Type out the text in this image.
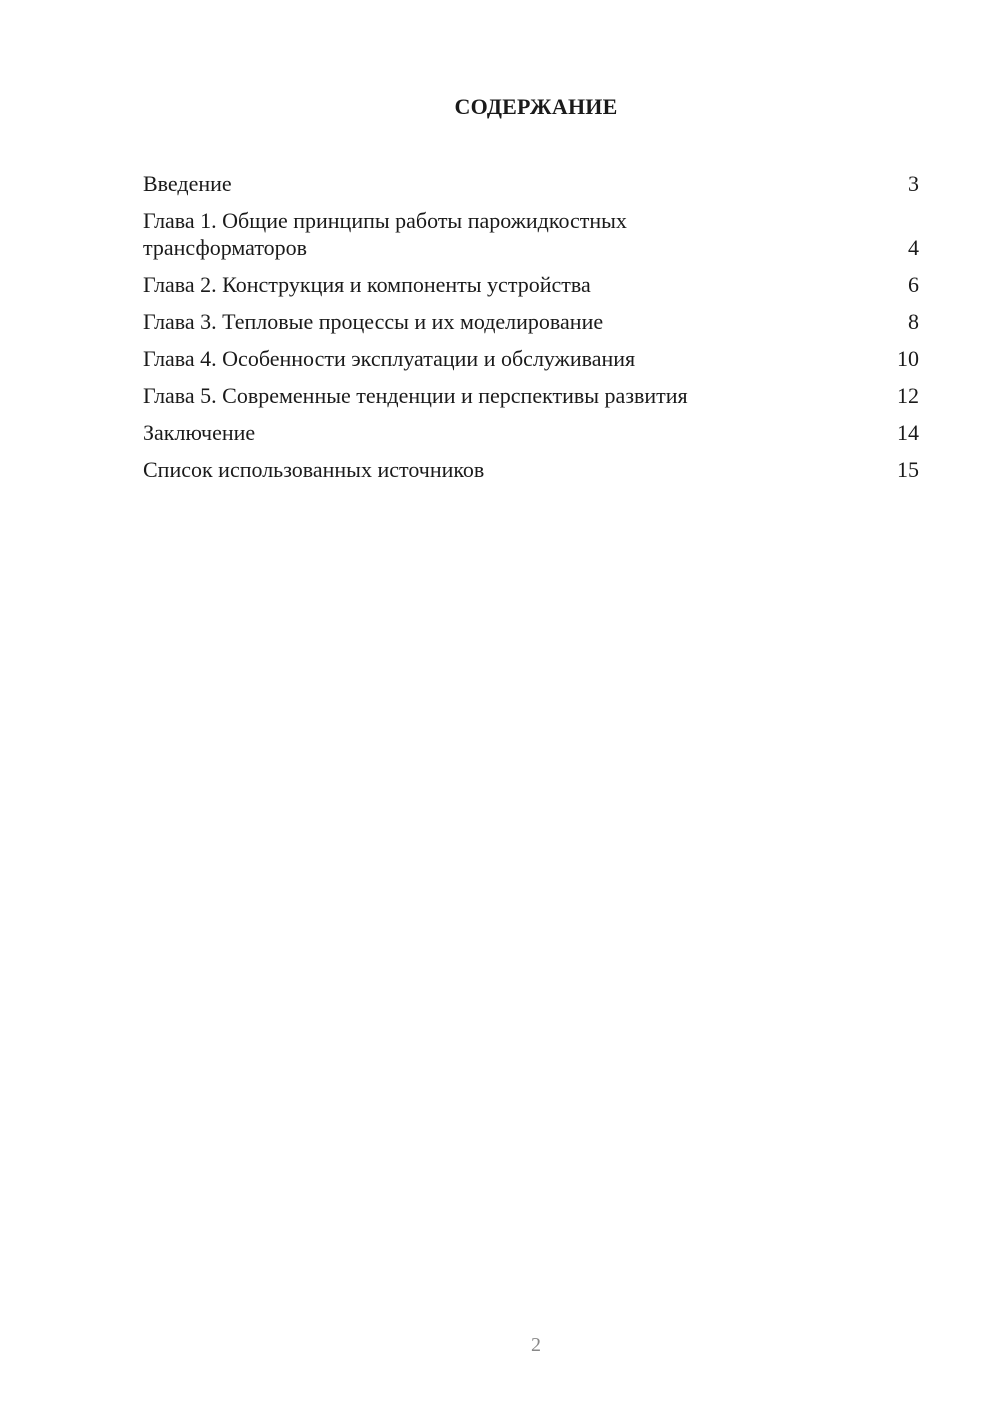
СОДЕРЖАНИЕ
Введение	3
Глава 1. Общие принципы работы парожидкостных
трансформаторов	4
Глава 2. Конструкция и компоненты устройства	6
Глава 3. Тепловые процессы и их моделирование	8
Глава 4. Особенности эксплуатации и обслуживания	10
Глава 5. Современные тенденции и перспективы развития	12
Заключение	14
Список использованных источников	15
2
